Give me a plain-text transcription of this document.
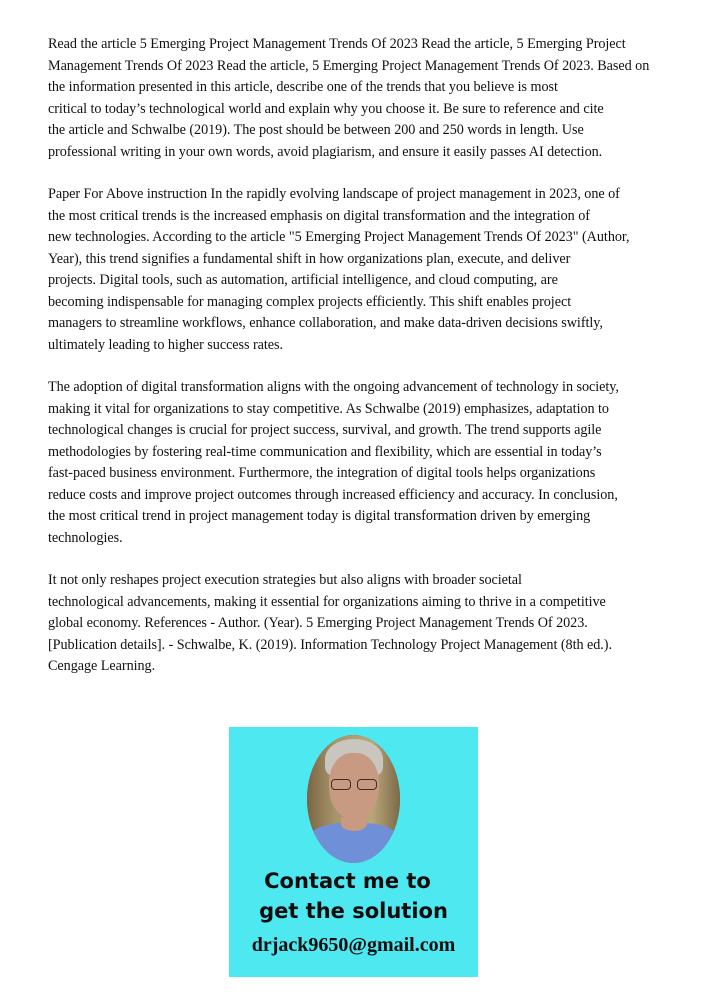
Read the article 5 Emerging Project Management Trends Of 2023 Read the article, 5 Emerging Project
Management Trends Of 2023 Read the article, 5 Emerging Project Management Trends Of 2023. Based on
the information presented in this article, describe one of the trends that you believe is most
critical to today’s technological world and explain why you choose it. Be sure to reference and cite
the article and Schwalbe (2019). The post should be between 200 and 250 words in length. Use
professional writing in your own words, avoid plagiarism, and ensure it easily passes AI detection.

Paper For Above instruction In the rapidly evolving landscape of project management in 2023, one of
the most critical trends is the increased emphasis on digital transformation and the integration of
new technologies. According to the article "5 Emerging Project Management Trends Of 2023" (Author,
Year), this trend signifies a fundamental shift in how organizations plan, execute, and deliver
projects. Digital tools, such as automation, artificial intelligence, and cloud computing, are
becoming indispensable for managing complex projects efficiently. This shift enables project
managers to streamline workflows, enhance collaboration, and make data-driven decisions swiftly,
ultimately leading to higher success rates.

The adoption of digital transformation aligns with the ongoing advancement of technology in society,
making it vital for organizations to stay competitive. As Schwalbe (2019) emphasizes, adaptation to
technological changes is crucial for project success, survival, and growth. The trend supports agile
methodologies by fostering real-time communication and flexibility, which are essential in today’s
fast-paced business environment. Furthermore, the integration of digital tools helps organizations
reduce costs and improve project outcomes through increased efficiency and accuracy. In conclusion,
the most critical trend in project management today is digital transformation driven by emerging
technologies.

It not only reshapes project execution strategies but also aligns with broader societal
technological advancements, making it essential for organizations aiming to thrive in a competitive
global economy. References - Author. (Year). 5 Emerging Project Management Trends Of 2023.
[Publication details]. - Schwalbe, K. (2019). Information Technology Project Management (8th ed.).
Cengage Learning.

Contact me to
get the solution
drjack9650@gmail.com
